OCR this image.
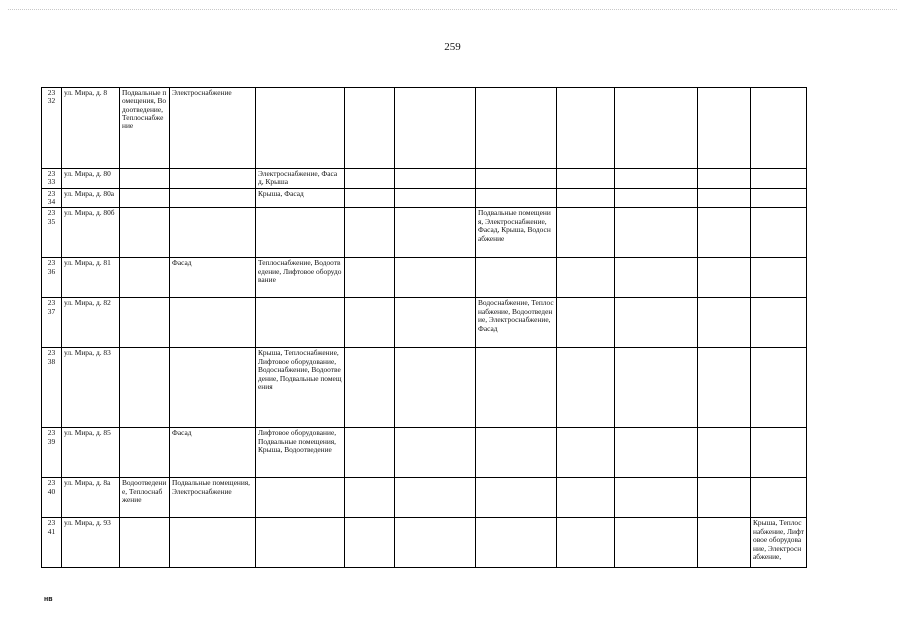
259
23
32	ул. Мира, д. 8	Подвальные помещения, Водоотведение, Теплоснабжение	Электроснабжение								

23
33	ул. Мира, д. 80			Электроснабжение, Фасад, Крыша							

23
34	ул. Мира, д. 80а			Крыша, Фасад							

23
35	ул. Мира, д. 80б						Подвальные помещения, Электроснабжение, Фасад, Крыша, Водоснабжение				

23
36	ул. Мира, д. 81		Фасад	Теплоснабжение, Водоотведение, Лифтовое оборудование							

23
37	ул. Мира, д. 82						Водоснабжение, Теплоснабжение, Водоотведение, Электроснабжение, Фасад				

23
38	ул. Мира, д. 83			Крыша, Теплоснабжение, Лифтовое оборудование, Водоснабжение, Водоотведение, Подвальные помещения							

23
39	ул. Мира, д. 85		Фасад	Лифтовое оборудование, Подвальные помещения, Крыша, Водоотведение							

23
40	ул. Мира, д. 8а	Водоотведение, Теплоснабжение	Подвальные помещения, Электроснабжение								

23
41	ул. Мира, д. 93										Крыша, Теплоснабжение, Лифтовое оборудование, Электроснабжение,
нв
